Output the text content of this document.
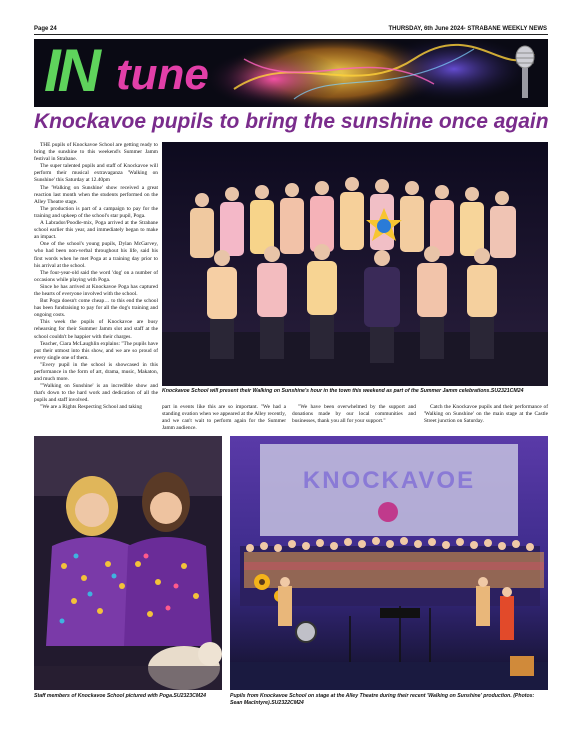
Page 24	THURSDAY, 6th June 2024- STRABANE WEEKLY NEWS
IN tune
Knockavoe pupils to bring the sunshine once again

THE pupils of Knockavoe School are getting ready to bring the sunshine to this weekend's Summer Jamm festival in Strabane.

The super talented pupils and staff of Knockavoe will perform their musical extravaganza 'Walking on Sunshine' this Saturday at 12.40pm

The 'Walking on Sunshine' show received a great reaction last month when the students performed on the Alley Theatre stage.

The production is part of a campaign to pay for the training and upkeep of the school's star pupil, Poga.

A Labrador/Poodle-mix, Poga arrived at the Strabane school earlier this year, and immediately began to make an impact.

One of the school's young pupils, Dylan McGarvey, who had been non-verbal throughout his life, said his first words when he met Poga at a training day prior to his arrival at the school.

The four-year-old said the word 'dog' on a number of occasions while playing with Poga.

Since he has arrived at Knockavoe Poga has captured the hearts of everyone involved with the school.

But Poga doesn't come cheap… to this end the school has been fundraising to pay for all the dog's training and ongoing costs.

This week the pupils of Knockavoe are busy rehearsing for their Summer Jamm slot and staff at the school couldn't be happier with their charges.

Teacher, Ciara McLaughlin explains: "The pupils have put their utmost into this show, and we are so proud of every single one of them.

"Every pupil in the school is showcased in this performance in the form of art, drama, music, Makaton, and much more.

"'Walking on Sunshine' is an incredible show and that's down to the hard work and dedication of all the pupils and staff involved.

"We are a Rights Respecting School and taking

Knockavoe School will present their Walking on Sunshine's hour in the town this weekend as part of the Summer Jamm celebrations.SU2321CM24

part in events like this are so important. "We had a standing ovation when we appeared at the Alley recently, and we can't wait to perform again for the Summer Jamm audience.

"We have been overwhelmed by the support and donations made by our local communities and businesses, thank you all for your support."

Catch the Knockavoe pupils and their performance of 'Walking on Sunshine' on the main stage at the Castle Street junction on Saturday.

Staff members of Knockavoe School pictured with Poga.SU2323CM24
KNOCKAVOE
Pupils from Knockavoe School on stage at the Alley Theatre during their recent 'Walking on Sunshine' production. (Photos: Sean MacIntyre).SU2322CM24
